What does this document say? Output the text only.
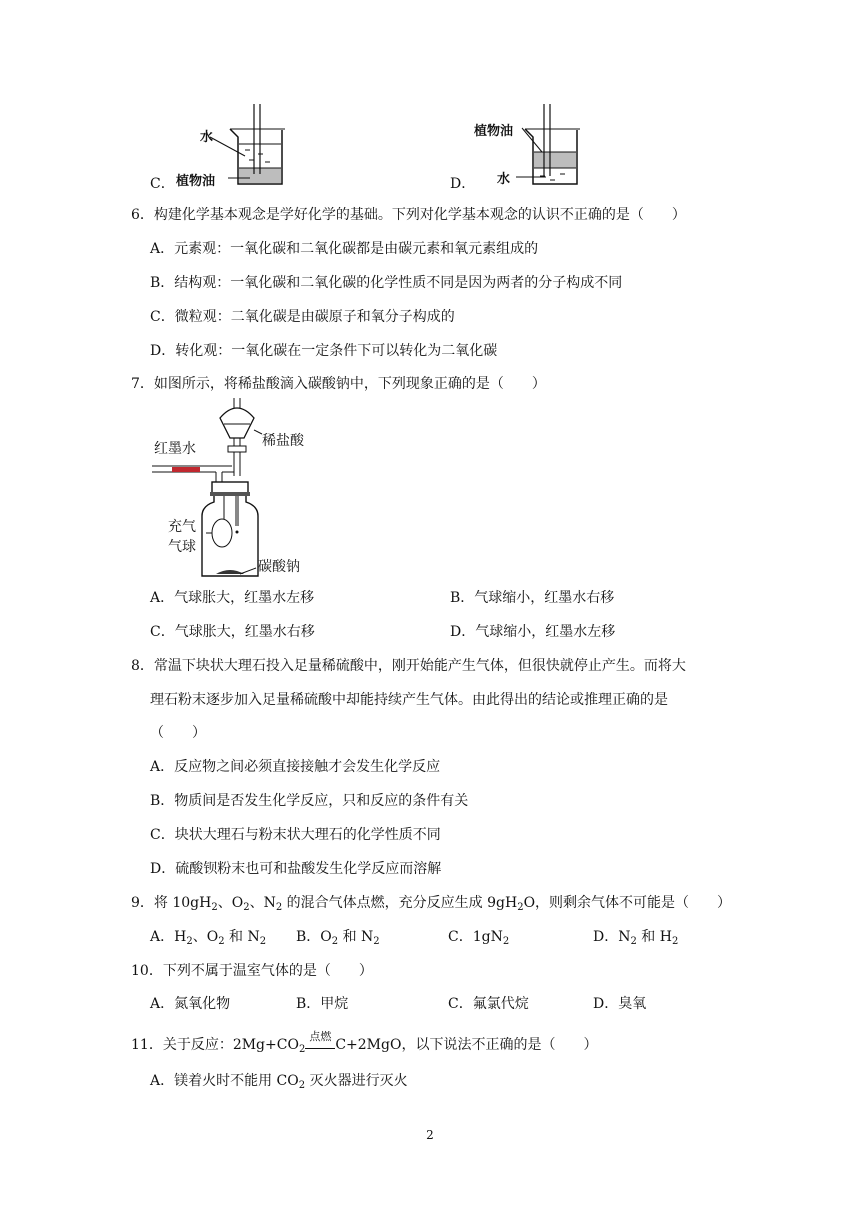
C．
水
植物油	D．
植物油
水
6．构建化学基本观念是学好化学的基础。下列对化学基本观念的认识不正确的是（　　）
A．元素观：一氧化碳和二氧化碳都是由碳元素和氧元素组成的
B．结构观：一氧化碳和二氧化碳的化学性质不同是因为两者的分子构成不同
C．微粒观：二氧化碳是由碳原子和氧分子构成的
D．转化观：一氧化碳在一定条件下可以转化为二氧化碳
7．如图所示，将稀盐酸滴入碳酸钠中，下列现象正确的是（　　）
红墨水	稀盐酸
充气
气球
碳酸钠
A．气球胀大，红墨水左移	B．气球缩小，红墨水右移
C．气球胀大，红墨水右移	D．气球缩小，红墨水左移
8．常温下块状大理石投入足量稀硫酸中，刚开始能产生气体，但很快就停止产生。而将大
理石粉末逐步加入足量稀硫酸中却能持续产生气体。由此得出的结论或推理正确的是
（　　）
A．反应物之间必须直接接触才会发生化学反应
B．物质间是否发生化学反应，只和反应的条件有关
C．块状大理石与粉末状大理石的化学性质不同
D．硫酸钡粉末也可和盐酸发生化学反应而溶解
9．将 $10gH_2$、$O_2$、$N_2$ 的混合气体点燃，充分反应生成 $9gH_2O$，则剩余气体不可能是（　　）
A．$H_2$、$O_2$ 和 $N_2$ B．$O_2$ 和 $N_2$	C．$1gN_2$	D．$N_2$ 和 $H_2$
10．下列不属于温室气体的是（　　）
A．氮氧化物	B．甲烷	C．氟氯代烷	D．臭氧
11．关于反应：$2Mg+CO_2$
点燃
C+2MgO，以下说法不正确的是（　　）
A．镁着火时不能用 $CO_2$ 灭火器进行灭火
2
